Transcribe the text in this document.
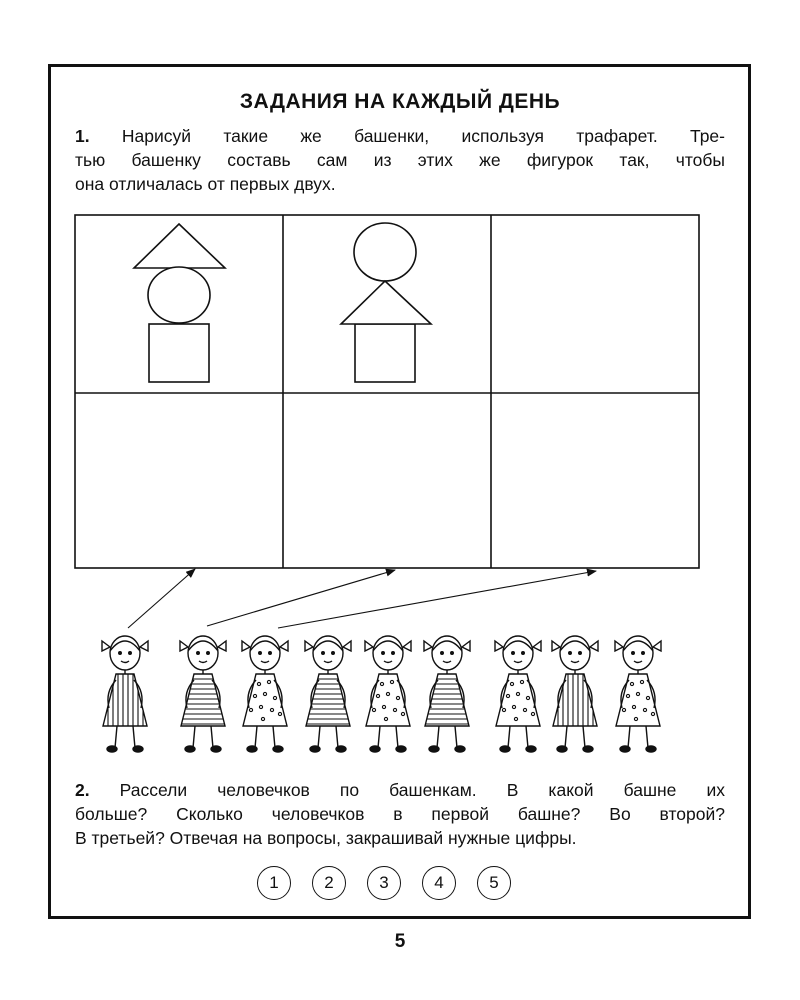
ЗАДАНИЯ НА КАЖДЫЙ ДЕНЬ
1. Нарисуй такие же башенки, используя трафарет. Тре-
тью башенку составь сам из этих же фигурок так, чтобы
она отличалась от первых двух.
2. Рассели человечков по башенкам. В какой башне их
больше? Сколько человечков в первой башне? Во второй?
В третьей? Отвечая на вопросы, закрашивай нужные цифры.
1	2	3	4	5
5
